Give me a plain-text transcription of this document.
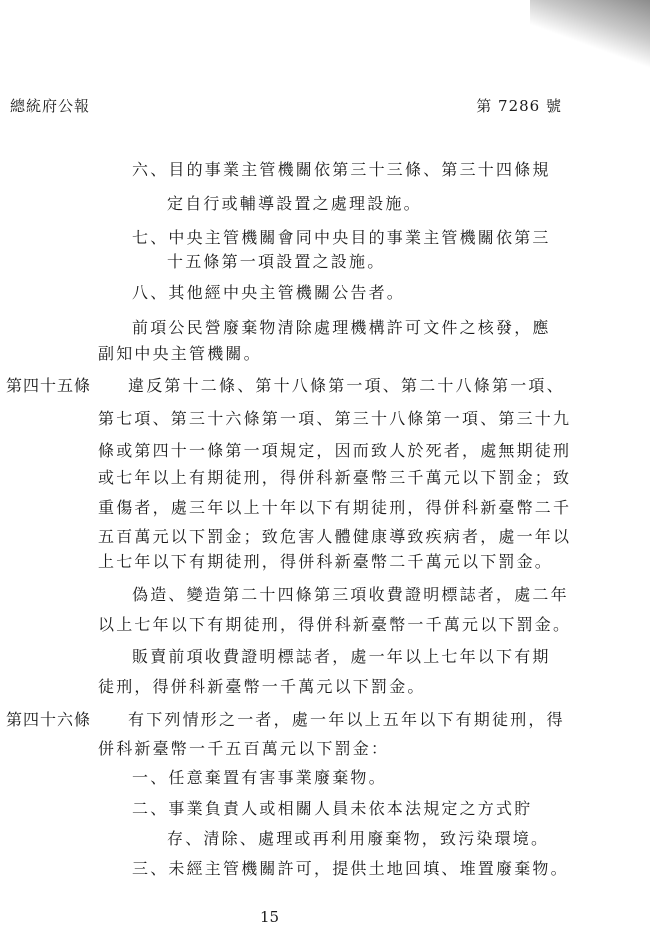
總統府公報	第 7286 號
六、目的事業主管機關依第三十三條、第三十四條規
定自行或輔導設置之處理設施。
七、中央主管機關會同中央目的事業主管機關依第三
十五條第一項設置之設施。
八、其他經中央主管機關公告者。
前項公民營廢棄物清除處理機構許可文件之核發，應
副知中央主管機關。
第四十五條 違反第十二條、第十八條第一項、第二十八條第一項、
第七項、第三十六條第一項、第三十八條第一項、第三十九
條或第四十一條第一項規定，因而致人於死者，處無期徒刑
或七年以上有期徒刑，得併科新臺幣三千萬元以下罰金；致
重傷者，處三年以上十年以下有期徒刑，得併科新臺幣二千
五百萬元以下罰金；致危害人體健康導致疾病者，處一年以
上七年以下有期徒刑，得併科新臺幣二千萬元以下罰金。
偽造、變造第二十四條第三項收費證明標誌者，處二年
以上七年以下有期徒刑，得併科新臺幣一千萬元以下罰金。
販賣前項收費證明標誌者，處一年以上七年以下有期
徒刑，得併科新臺幣一千萬元以下罰金。
第四十六條 有下列情形之一者，處一年以上五年以下有期徒刑，得
併科新臺幣一千五百萬元以下罰金：
一、任意棄置有害事業廢棄物。
二、事業負責人或相關人員未依本法規定之方式貯
存、清除、處理或再利用廢棄物，致污染環境。
三、未經主管機關許可，提供土地回填、堆置廢棄物。
15
